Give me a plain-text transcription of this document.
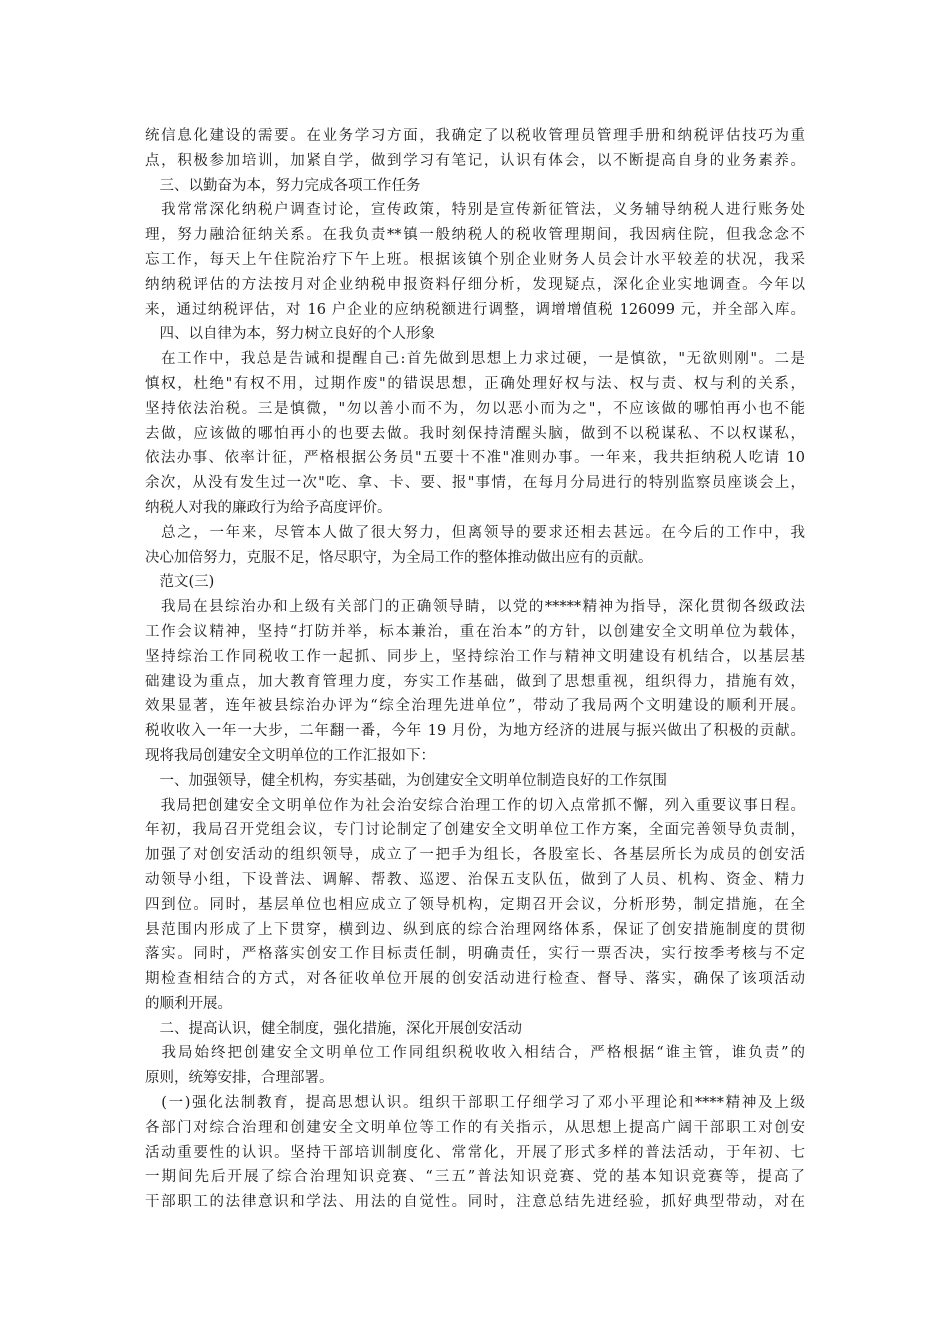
统信息化建设的需要。在业务学习方面，我确定了以税收管理员管理手册和纳税评估技巧为重
点，积极参加培训，加紧自学，做到学习有笔记，认识有体会，以不断提高自身的业务素养。
　三、以勤奋为本，努力完成各项工作任务
　我常常深化纳税户调查讨论，宣传政策，特别是宣传新征管法，义务辅导纳税人进行账务处
理，努力融洽征纳关系。在我负责**镇一般纳税人的税收管理期间，我因病住院，但我念念不
忘工作，每天上午住院治疗下午上班。根据该镇个别企业财务人员会计水平较差的状况，我采
纳纳税评估的方法按月对企业纳税申报资料仔细分析，发现疑点，深化企业实地调查。今年以
来，通过纳税评估，对 16 户企业的应纳税额进行调整，调增增值税 126099 元，并全部入库。
　四、以自律为本，努力树立良好的个人形象
　在工作中，我总是告诫和提醒自己:首先做到思想上力求过硬，一是慎欲，"无欲则刚"。二是
慎权，杜绝"有权不用，过期作废"的错误思想，正确处理好权与法、权与责、权与利的关系，
坚持依法治税。三是慎微，"勿以善小而不为，勿以恶小而为之"，不应该做的哪怕再小也不能
去做，应该做的哪怕再小的也要去做。我时刻保持清醒头脑，做到不以税谋私、不以权谋私，
依法办事、依率计征，严格根据公务员"五要十不准"准则办事。一年来，我共拒纳税人吃请 10
余次，从没有发生过一次"吃、拿、卡、要、报"事情，在每月分局进行的特别监察员座谈会上，
纳税人对我的廉政行为给予高度评价。
　总之，一年来，尽管本人做了很大努力，但离领导的要求还相去甚远。在今后的工作中，我
决心加倍努力，克服不足，恪尽职守，为全局工作的整体推动做出应有的贡献。
　范文(三)
　我局在县综治办和上级有关部门的正确领导睛，以党的*****精神为指导，深化贯彻各级政法
工作会议精神，坚持“打防并举，标本兼治，重在治本”的方针，以创建安全文明单位为载体，
坚持综治工作同税收工作一起抓、同步上，坚持综治工作与精神文明建设有机结合，以基层基
础建设为重点，加大教育管理力度，夯实工作基础，做到了思想重视，组织得力，措施有效，
效果显著，连年被县综治办评为“综全治理先进单位”，带动了我局两个文明建设的顺利开展。
税收收入一年一大步，二年翻一番，今年 19 月份，为地方经济的进展与振兴做出了积极的贡献。
现将我局创建安全文明单位的工作汇报如下：
　一、加强领导，健全机构，夯实基础，为创建安全文明单位制造良好的工作氛围
　我局把创建安全文明单位作为社会治安综合治理工作的切入点常抓不懈，列入重要议事日程。
年初，我局召开党组会议，专门讨论制定了创建安全文明单位工作方案，全面完善领导负责制，
加强了对创安活动的组织领导，成立了一把手为组长，各股室长、各基层所长为成员的创安活
动领导小组，下设普法、调解、帮教、巡逻、治保五支队伍，做到了人员、机构、资金、精力
四到位。同时，基层单位也相应成立了领导机构，定期召开会议，分析形势，制定措施，在全
县范围内形成了上下贯穿，横到边、纵到底的综合治理网络体系，保证了创安措施制度的贯彻
落实。同时，严格落实创安工作目标责任制，明确责任，实行一票否决，实行按季考核与不定
期检查相结合的方式，对各征收单位开展的创安活动进行检查、督导、落实，确保了该项活动
的顺利开展。
　二、提高认识，健全制度，强化措施，深化开展创安活动
　我局始终把创建安全文明单位工作同组织税收收入相结合，严格根据“谁主管，谁负责”的
原则，统筹安排，合理部署。
　(一)强化法制教育，提高思想认识。组织干部职工仔细学习了邓小平理论和****精神及上级
各部门对综合治理和创建安全文明单位等工作的有关指示，从思想上提高广阔干部职工对创安
活动重要性的认识。坚持干部培训制度化、常常化，开展了形式多样的普法活动，于年初、七
一期间先后开展了综合治理知识竞赛、“三五”普法知识竞赛、党的基本知识竞赛等，提高了
干部职工的法律意识和学法、用法的自觉性。同时，注意总结先进经验，抓好典型带动，对在
